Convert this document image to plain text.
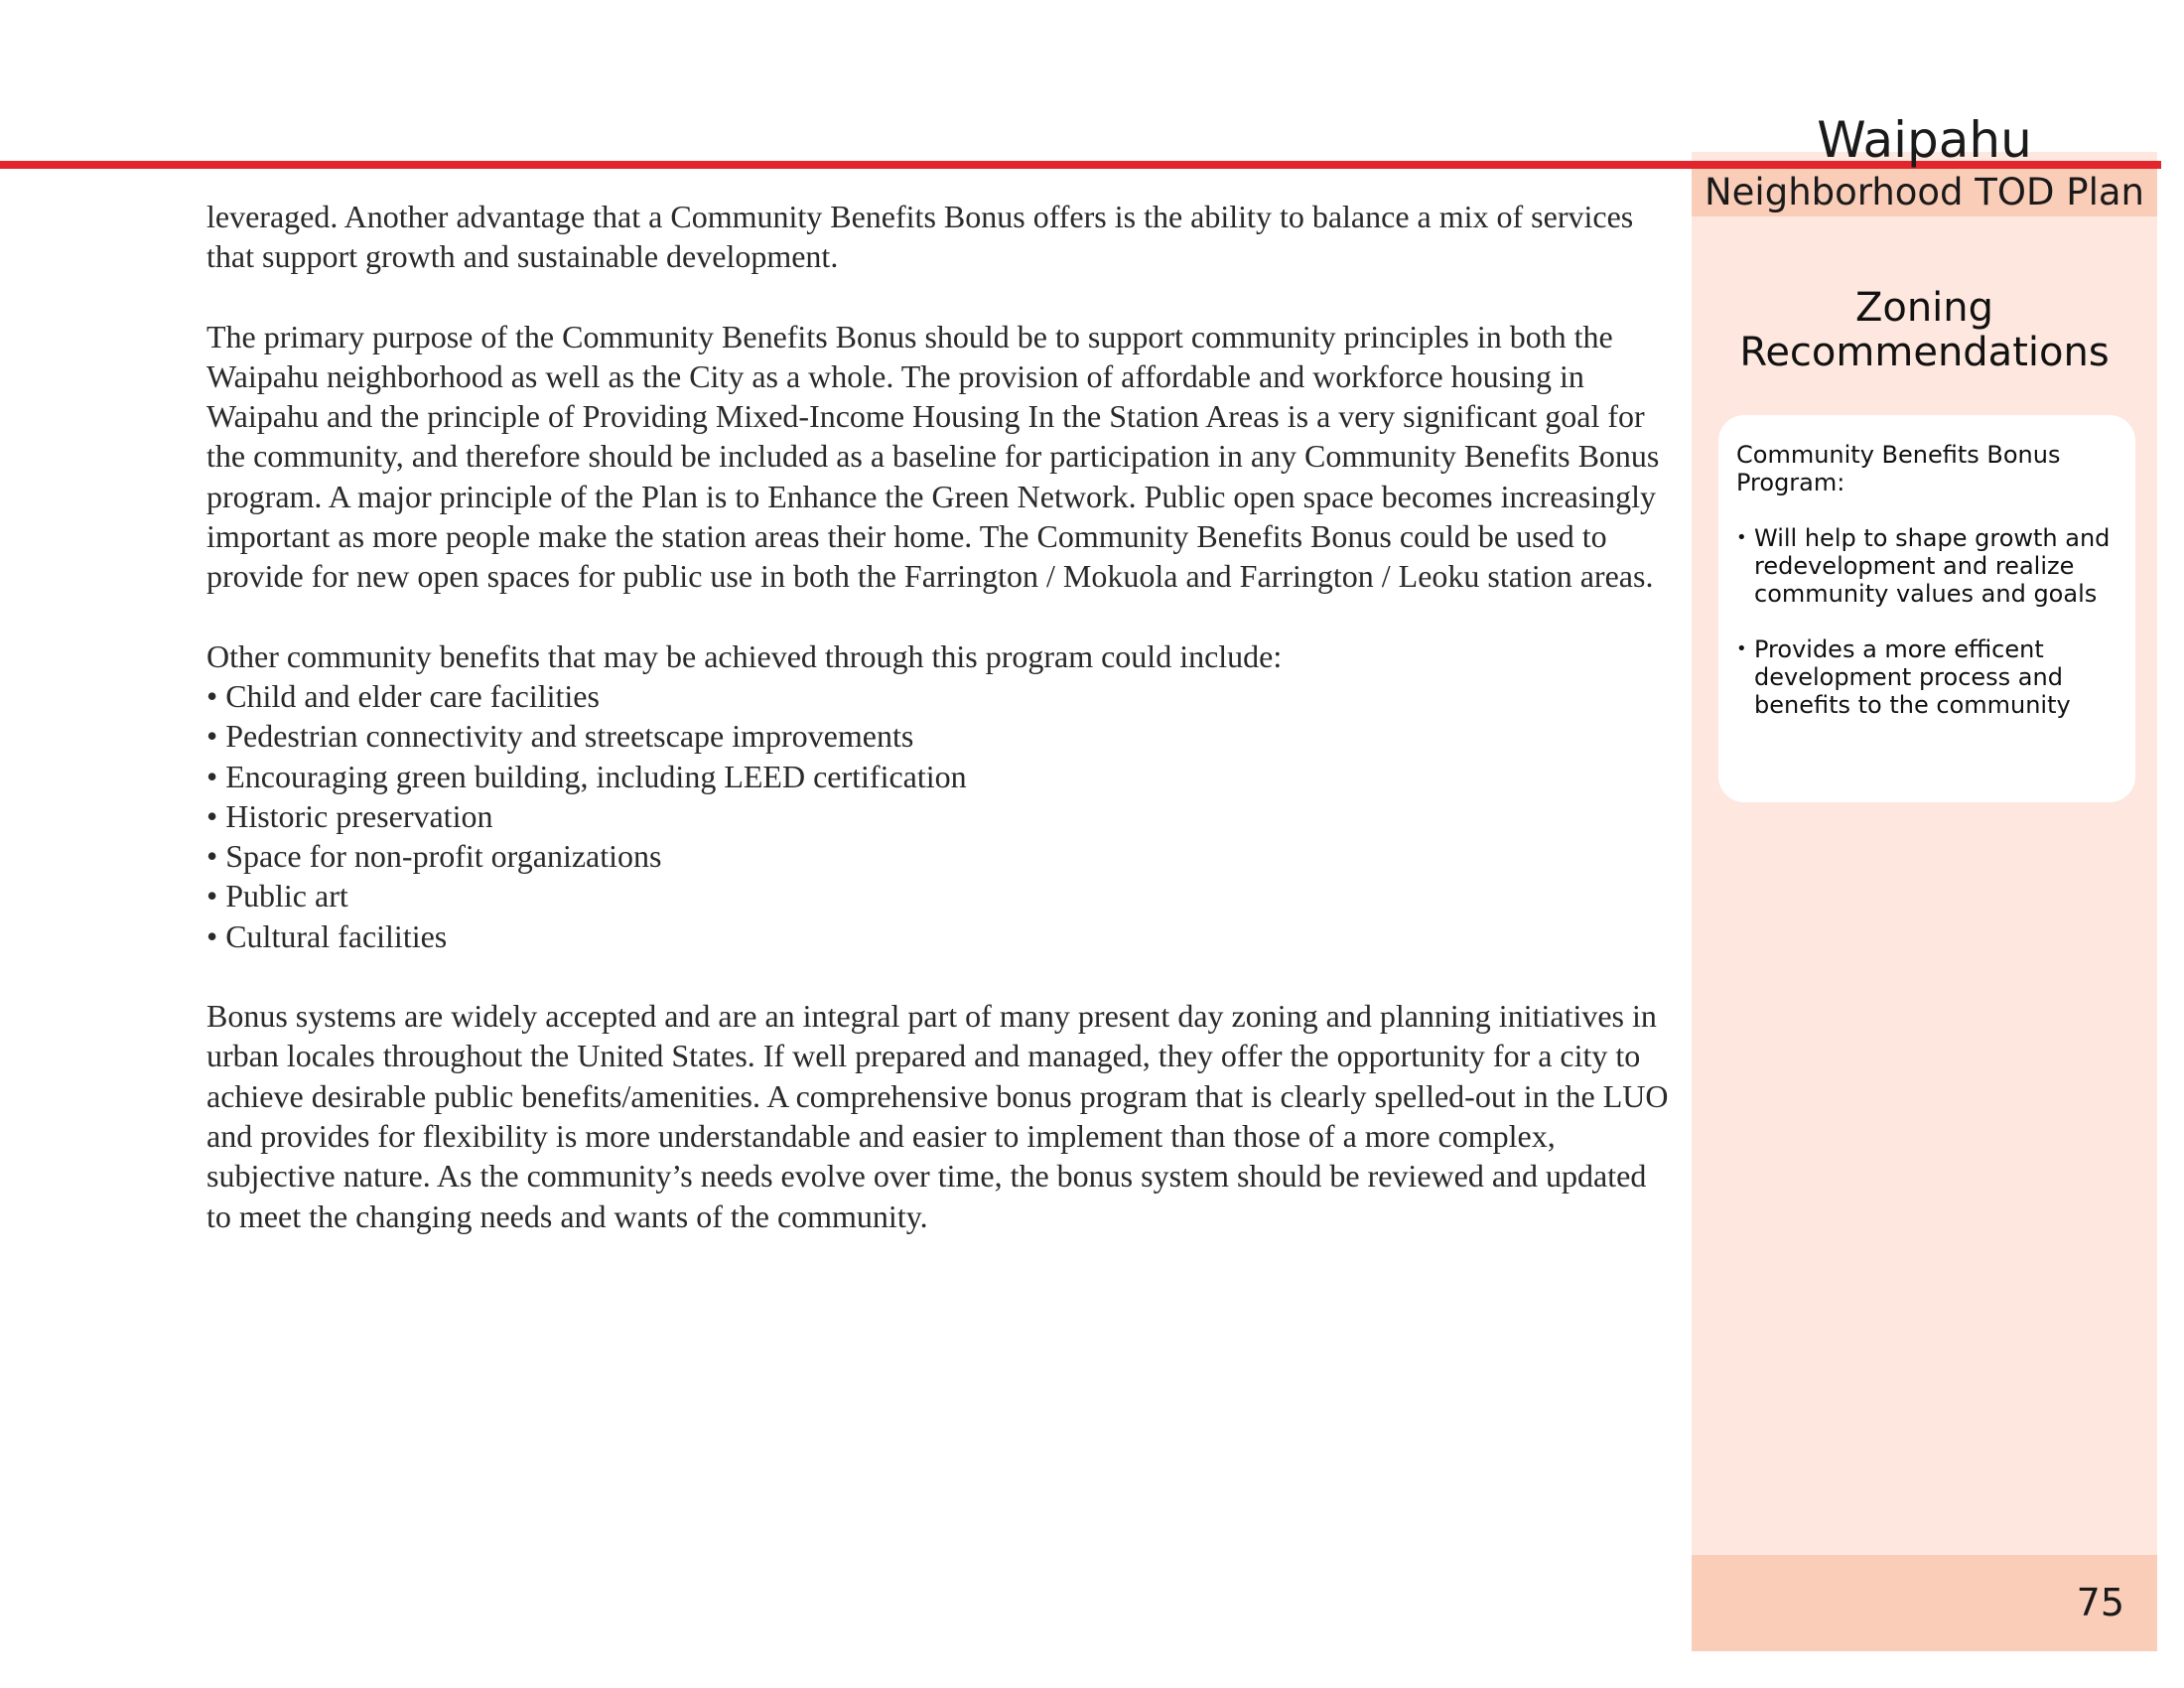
Waipahu
Neighborhood TOD Plan
Zoning Recommendations
Community Benefits Bonus Program:
• Will help to shape growth and redevelopment and realize community values and goals
• Provides a more efficent development process and benefits to the community
75

leveraged. Another advantage that a Community Benefits Bonus offers is the ability to balance a mix of services that support growth and sustainable development.

The primary purpose of the Community Benefits Bonus should be to support community principles in both the Waipahu neighborhood as well as the City as a whole. The provision of affordable and workforce housing in Waipahu and the principle of Providing Mixed-Income Housing In the Station Areas is a very significant goal for the community, and therefore should be included as a baseline for participation in any Community Benefits Bonus program. A major principle of the Plan is to Enhance the Green Network. Public open space becomes increasingly important as more people make the station areas their home. The Community Benefits Bonus could be used to provide for new open spaces for public use in both the Farrington / Mokuola and Farrington / Leoku station areas.

Other community benefits that may be achieved through this program could include:

• Child and elder care facilities
• Pedestrian connectivity and streetscape improvements
• Encouraging green building, including LEED certification
• Historic preservation
• Space for non-profit organizations
• Public art
• Cultural facilities

Bonus systems are widely accepted and are an integral part of many present day zoning and planning initiatives in urban locales throughout the United States. If well prepared and managed, they offer the opportunity for a city to achieve desirable public benefits/amenities. A comprehensive bonus program that is clearly spelled-out in the LUO and provides for flexibility is more understandable and easier to implement than those of a more complex, subjective nature. As the community’s needs evolve over time, the bonus system should be reviewed and updated to meet the changing needs and wants of the community.
